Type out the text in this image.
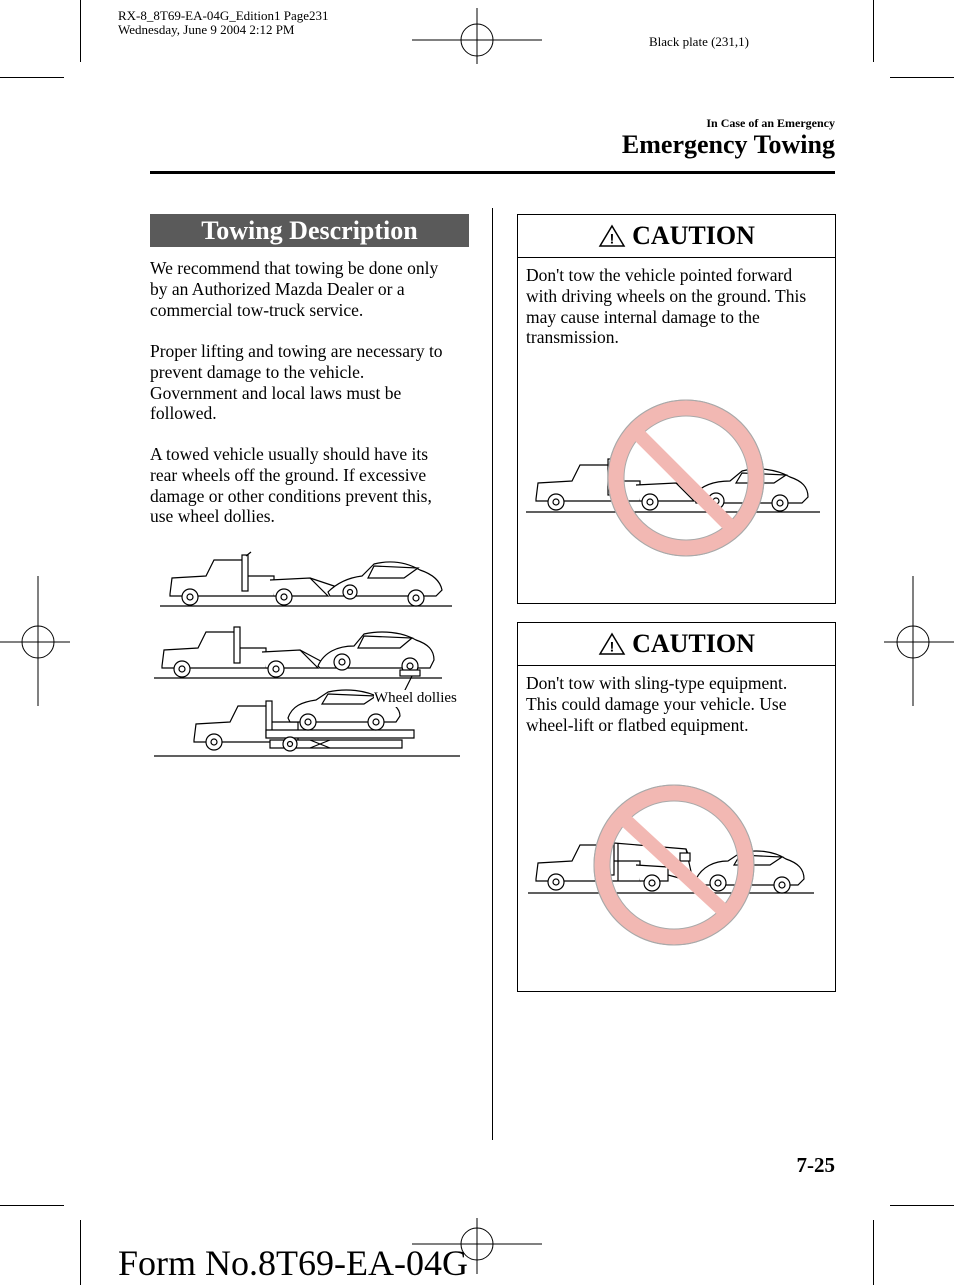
RX-8_8T69-EA-04G_Edition1 Page231
Wednesday, June 9 2004 2:12 PM
Black plate (231,1)
In Case of an Emergency
Emergency Towing
Towing Description
We recommend that towing be done only
by an Authorized Mazda Dealer or a
commercial tow-truck service.
Proper lifting and towing are necessary to
prevent damage to the vehicle.
Government and local laws must be
followed.
A towed vehicle usually should have its
rear wheels off the ground. If excessive
damage or other conditions prevent this,
use wheel dollies.
Wheel dollies
! CAUTION
Don't tow the vehicle pointed forward
with driving wheels on the ground. This
may cause internal damage to the
transmission.
! CAUTION
Don't tow with sling-type equipment.
This could damage your vehicle. Use
wheel-lift or flatbed equipment.
7-25
Form No.8T69-EA-04G
